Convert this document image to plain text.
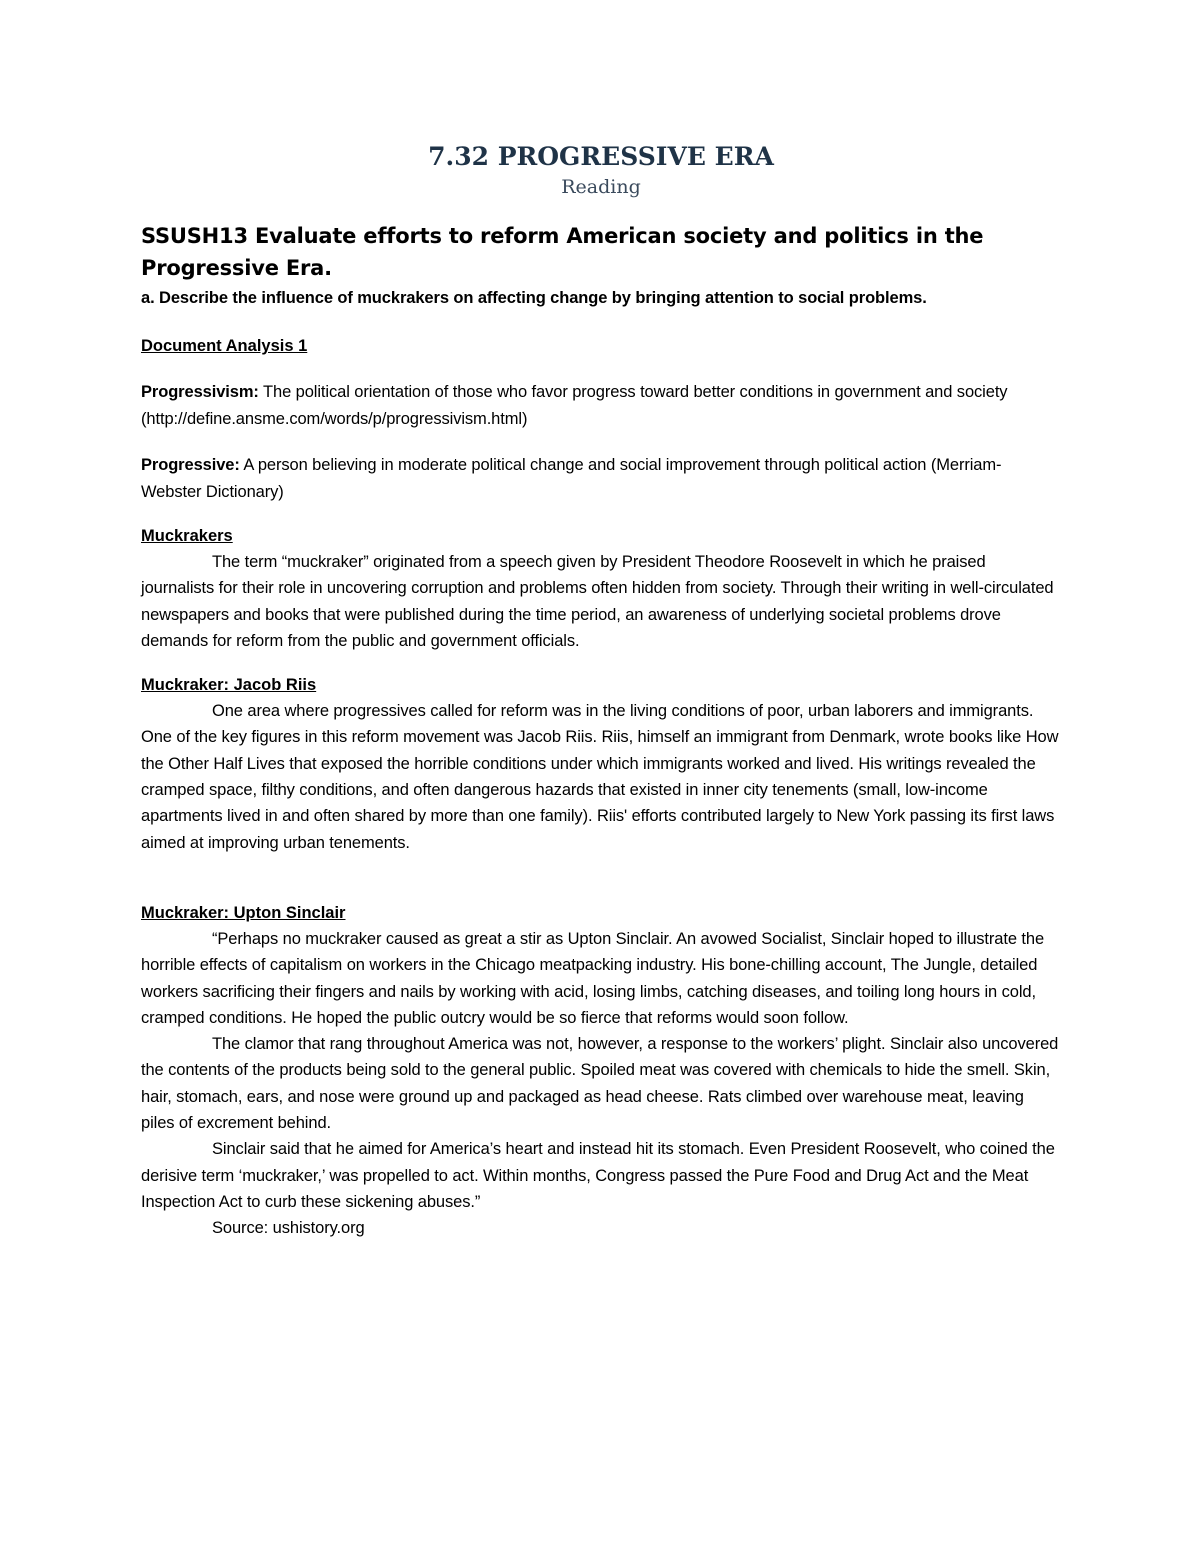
7.32 PROGRESSIVE ERA

Reading

SSUSH13 Evaluate efforts to reform American society and politics in the Progressive Era.

a. Describe the influence of muckrakers on affecting change by bringing attention to social problems.

Document Analysis 1

Progressivism: The political orientation of those who favor progress toward better conditions in government and society (http://define.ansme.com/words/p/progressivism.html)

Progressive: A person believing in moderate political change and social improvement through political action (Merriam-Webster Dictionary)

Muckrakers

The term “muckraker” originated from a speech given by President Theodore Roosevelt in which he praised journalists for their role in uncovering corruption and problems often hidden from society. Through their writing in well-circulated newspapers and books that were published during the time period, an awareness of underlying societal problems drove demands for reform from the public and government officials.

Muckraker: Jacob Riis

One area where progressives called for reform was in the living conditions of poor, urban laborers and immigrants. One of the key figures in this reform movement was Jacob Riis. Riis, himself an immigrant from Denmark, wrote books like How the Other Half Lives that exposed the horrible conditions under which immigrants worked and lived. His writings revealed the cramped space, filthy conditions, and often dangerous hazards that existed in inner city tenements (small, low-income apartments lived in and often shared by more than one family). Riis' efforts contributed largely to New York passing its first laws aimed at improving urban tenements.

Muckraker: Upton Sinclair

“Perhaps no muckraker caused as great a stir as Upton Sinclair. An avowed Socialist, Sinclair hoped to illustrate the horrible effects of capitalism on workers in the Chicago meatpacking industry. His bone-chilling account, The Jungle, detailed workers sacrificing their fingers and nails by working with acid, losing limbs, catching diseases, and toiling long hours in cold, cramped conditions. He hoped the public outcry would be so fierce that reforms would soon follow.

The clamor that rang throughout America was not, however, a response to the workers’ plight. Sinclair also uncovered the contents of the products being sold to the general public. Spoiled meat was covered with chemicals to hide the smell. Skin, hair, stomach, ears, and nose were ground up and packaged as head cheese. Rats climbed over warehouse meat, leaving piles of excrement behind.

Sinclair said that he aimed for America’s heart and instead hit its stomach. Even President Roosevelt, who coined the derisive term ‘muckraker,’ was propelled to act. Within months, Congress passed the Pure Food and Drug Act and the Meat Inspection Act to curb these sickening abuses.”

Source: ushistory.org
